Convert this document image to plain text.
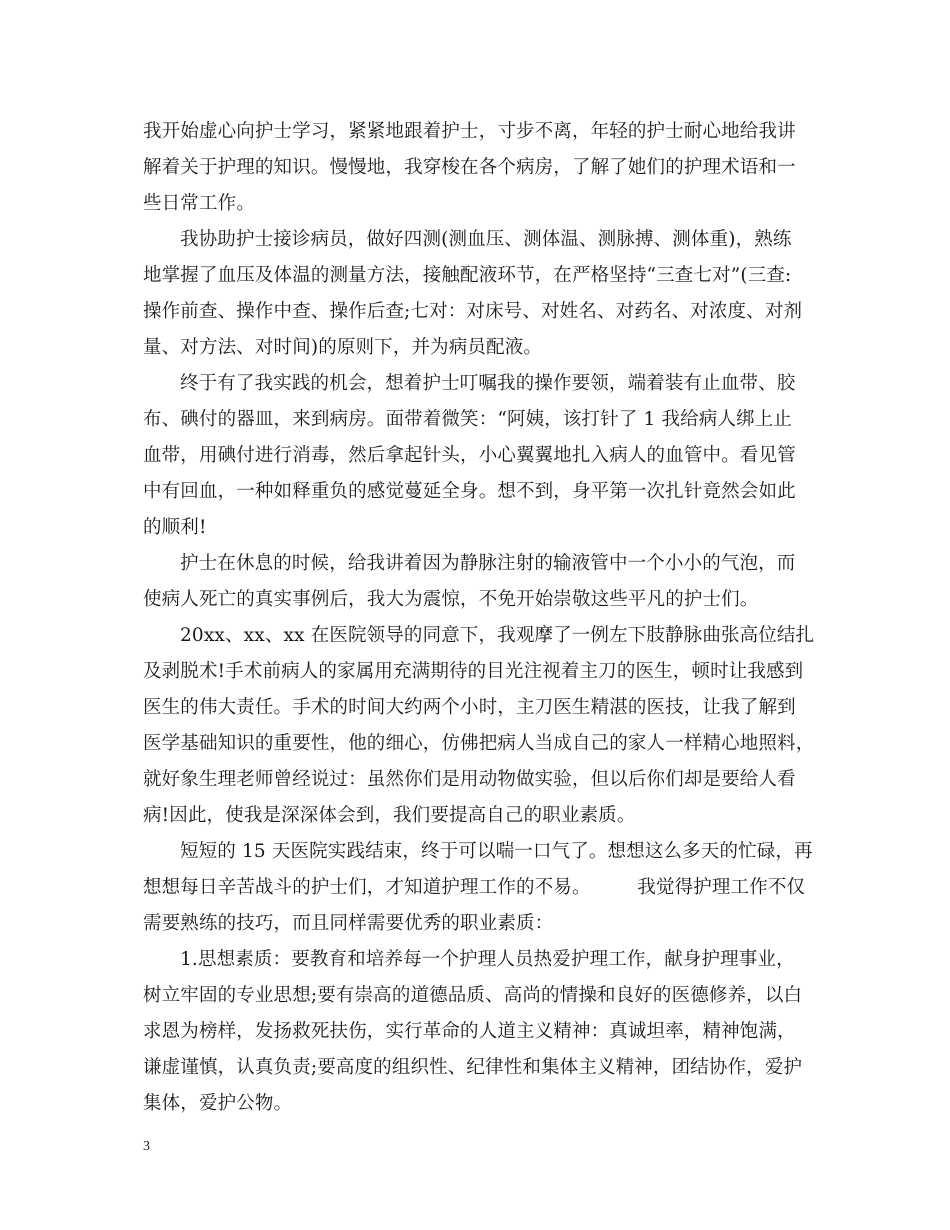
我开始虚心向护士学习，紧紧地跟着护士，寸步不离，年轻的护士耐心地给我讲
解着关于护理的知识。慢慢地，我穿梭在各个病房，了解了她们的护理术语和一
些日常工作。
我协助护士接诊病员，做好四测(测血压、测体温、测脉搏、测体重)，熟练
地掌握了血压及体温的测量方法，接触配液环节，在严格坚持“三查七对”(三查:
操作前查、操作中查、操作后查;七对：对床号、对姓名、对药名、对浓度、对剂
量、对方法、对时间)的原则下，并为病员配液。
终于有了我实践的机会，想着护士叮嘱我的操作要领，端着装有止血带、胶
布、碘付的器皿，来到病房。面带着微笑：“阿姨，该打针了 1 我给病人绑上止
血带，用碘付进行消毒，然后拿起针头，小心翼翼地扎入病人的血管中。看见管
中有回血，一种如释重负的感觉蔓延全身。想不到，身平第一次扎针竟然会如此
的顺利!
护士在休息的时候，给我讲着因为静脉注射的输液管中一个小小的气泡，而
使病人死亡的真实事例后，我大为震惊，不免开始崇敬这些平凡的护士们。
20xx、xx、xx 在医院领导的同意下，我观摩了一例左下肢静脉曲张高位结扎
及剥脱术!手术前病人的家属用充满期待的目光注视着主刀的医生，顿时让我感到
医生的伟大责任。手术的时间大约两个小时，主刀医生精湛的医技，让我了解到
医学基础知识的重要性，他的细心，仿佛把病人当成自己的家人一样精心地照料，
就好象生理老师曾经说过：虽然你们是用动物做实验，但以后你们却是要给人看
病!因此，使我是深深体会到，我们要提高自己的职业素质。
短短的 15 天医院实践结束，终于可以喘一口气了。想想这么多天的忙碌，再
想想每日辛苦战斗的护士们，才知道护理工作的不易。　　　我觉得护理工作不仅
需要熟练的技巧，而且同样需要优秀的职业素质：
1.思想素质：要教育和培养每一个护理人员热爱护理工作，献身护理事业，
树立牢固的专业思想;要有崇高的道德品质、高尚的情操和良好的医德修养，以白
求恩为榜样，发扬救死扶伤，实行革命的人道主义精神：真诚坦率，精神饱满，
谦虚谨慎，认真负责;要高度的组织性、纪律性和集体主义精神，团结协作，爱护
集体，爱护公物。
3
